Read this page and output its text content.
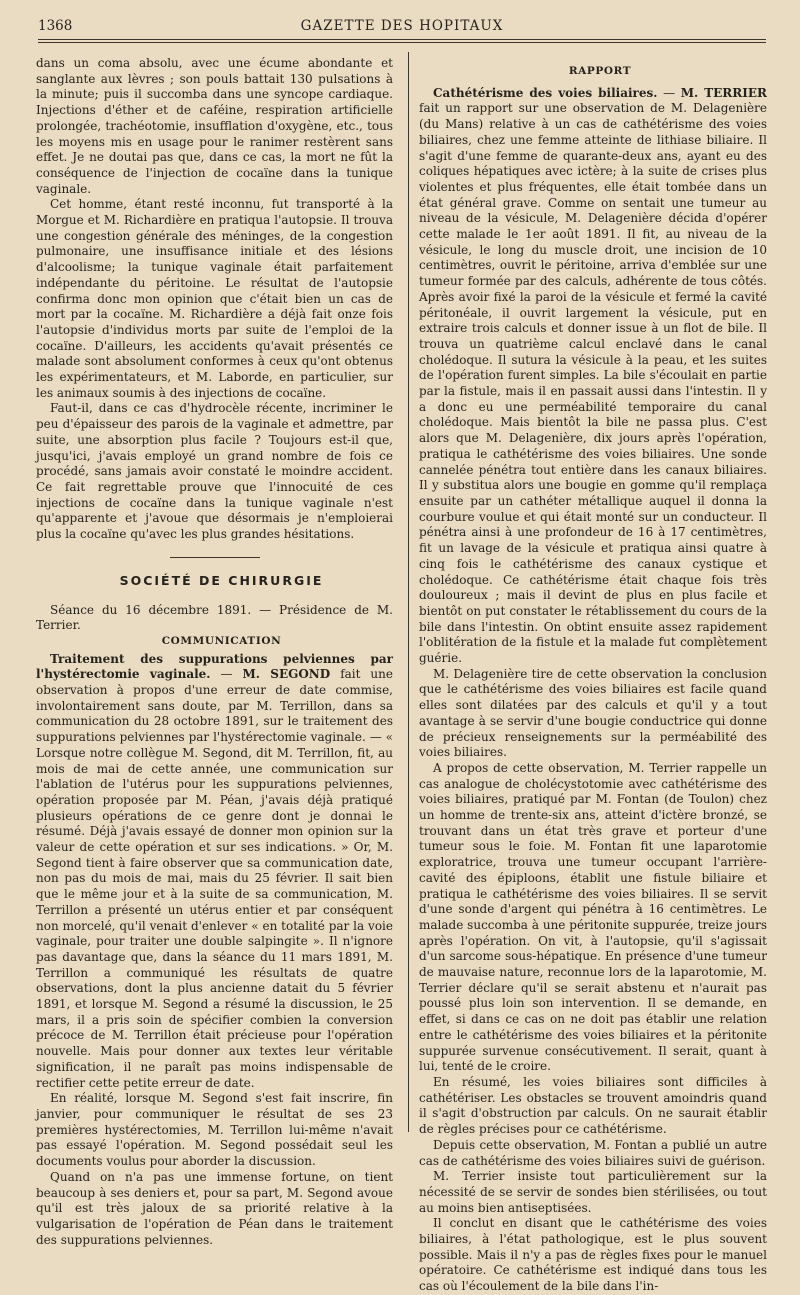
1368	GAZETTE DES HOPITAUX

dans un coma absolu, avec une écume abondante et sanglante aux lèvres ; son pouls battait 130 pulsations à la minute; puis il succomba dans une syncope cardiaque. Injections d'éther et de caféine, respiration artificielle prolongée, trachéotomie, insufflation d'oxygène, etc., tous les moyens mis en usage pour le ranimer restèrent sans effet. Je ne doutai pas que, dans ce cas, la mort ne fût la conséquence de l'injection de cocaïne dans la tunique vaginale.

Cet homme, étant resté inconnu, fut transporté à la Morgue et M. Richardière en pratiqua l'autopsie. Il trouva une congestion générale des méninges, de la congestion pulmonaire, une insuffisance initiale et des lésions d'alcoolisme; la tunique vaginale était parfaitement indépendante du péritoine. Le résultat de l'autopsie confirma donc mon opinion que c'était bien un cas de mort par la cocaïne. M. Richardière a déjà fait onze fois l'autopsie d'individus morts par suite de l'emploi de la cocaïne. D'ailleurs, les accidents qu'avait présentés ce malade sont absolument conformes à ceux qu'ont obtenus les expérimentateurs, et M. Laborde, en particulier, sur les animaux soumis à des injections de cocaïne.

Faut-il, dans ce cas d'hydrocèle récente, incriminer le peu d'épaisseur des parois de la vaginale et admettre, par suite, une absorption plus facile ? Toujours est-il que, jusqu'ici, j'avais employé un grand nombre de fois ce procédé, sans jamais avoir constaté le moindre accident. Ce fait regrettable prouve que l'innocuité de ces injections de cocaïne dans la tunique vaginale n'est qu'apparente et j'avoue que désormais je n'emploierai plus la cocaïne qu'avec les plus grandes hésitations.

SOCIÉTÉ DE CHIRURGIE

Séance du 16 décembre 1891. — Présidence de M. Terrier.

COMMUNICATION

Traitement des suppurations pelviennes par l'hystérectomie vaginale. — M. SEGOND fait une observation à propos d'une erreur de date commise, involontairement sans doute, par M. Terrillon, dans sa communication du 28 octobre 1891, sur le traitement des suppurations pelviennes par l'hystérectomie vaginale. — « Lorsque notre collègue M. Segond, dit M. Terrillon, fit, au mois de mai de cette année, une communication sur l'ablation de l'utérus pour les suppurations pelviennes, opération proposée par M. Péan, j'avais déjà pratiqué plusieurs opérations de ce genre dont je donnai le résumé. Déjà j'avais essayé de donner mon opinion sur la valeur de cette opération et sur ses indications. » Or, M. Segond tient à faire observer que sa communication date, non pas du mois de mai, mais du 25 février. Il sait bien que le même jour et à la suite de sa communication, M. Terrillon a présenté un utérus entier et par conséquent non morcelé, qu'il venait d'enlever « en totalité par la voie vaginale, pour traiter une double salpingite ». Il n'ignore pas davantage que, dans la séance du 11 mars 1891, M. Terrillon a communiqué les résultats de quatre observations, dont la plus ancienne datait du 5 février 1891, et lorsque M. Segond a résumé la discussion, le 25 mars, il a pris soin de spécifier combien la conversion précoce de M. Terrillon était précieuse pour l'opération nouvelle. Mais pour donner aux textes leur véritable signification, il ne paraît pas moins indispensable de rectifier cette petite erreur de date.

En réalité, lorsque M. Segond s'est fait inscrire, fin janvier, pour communiquer le résultat de ses 23 premières hystérectomies, M. Terrillon lui-même n'avait pas essayé l'opération. M. Segond possédait seul les documents voulus pour aborder la discussion.

Quand on n'a pas une immense fortune, on tient beaucoup à ses deniers et, pour sa part, M. Segond avoue qu'il est très jaloux de sa priorité relative à la vulgarisation de l'opération de Péan dans le traitement des suppurations pelviennes.

RAPPORT

Cathétérisme des voies biliaires. — M. TERRIER fait un rapport sur une observation de M. Delagenière (du Mans) relative à un cas de cathétérisme des voies biliaires, chez une femme atteinte de lithiase biliaire. Il s'agit d'une femme de quarante-deux ans, ayant eu des coliques hépatiques avec ictère; à la suite de crises plus violentes et plus fréquentes, elle était tombée dans un état général grave. Comme on sentait une tumeur au niveau de la vésicule, M. Delagenière décida d'opérer cette malade le 1er août 1891. Il fit, au niveau de la vésicule, le long du muscle droit, une incision de 10 centimètres, ouvrit le péritoine, arriva d'emblée sur une tumeur formée par des calculs, adhérente de tous côtés. Après avoir fixé la paroi de la vésicule et fermé la cavité péritonéale, il ouvrit largement la vésicule, put en extraire trois calculs et donner issue à un flot de bile. Il trouva un quatrième calcul enclavé dans le canal cholédoque. Il sutura la vésicule à la peau, et les suites de l'opération furent simples. La bile s'écoulait en partie par la fistule, mais il en passait aussi dans l'intestin. Il y a donc eu une perméabilité temporaire du canal cholédoque. Mais bientôt la bile ne passa plus. C'est alors que M. Delagenière, dix jours après l'opération, pratiqua le cathétérisme des voies biliaires. Une sonde cannelée pénétra tout entière dans les canaux biliaires. Il y substitua alors une bougie en gomme qu'il remplaça ensuite par un cathéter métallique auquel il donna la courbure voulue et qui était monté sur un conducteur. Il pénétra ainsi à une profondeur de 16 à 17 centimètres, fit un lavage de la vésicule et pratiqua ainsi quatre à cinq fois le cathétérisme des canaux cystique et cholédoque. Ce cathétérisme était chaque fois très douloureux ; mais il devint de plus en plus facile et bientôt on put constater le rétablissement du cours de la bile dans l'intestin. On obtint ensuite assez rapidement l'oblitération de la fistule et la malade fut complètement guérie.

M. Delagenière tire de cette observation la conclusion que le cathétérisme des voies biliaires est facile quand elles sont dilatées par des calculs et qu'il y a tout avantage à se servir d'une bougie conductrice qui donne de précieux renseignements sur la perméabilité des voies biliaires.

A propos de cette observation, M. Terrier rappelle un cas analogue de cholécystotomie avec cathétérisme des voies biliaires, pratiqué par M. Fontan (de Toulon) chez un homme de trente-six ans, atteint d'ictère bronzé, se trouvant dans un état très grave et porteur d'une tumeur sous le foie. M. Fontan fit une laparotomie exploratrice, trouva une tumeur occupant l'arrière-cavité des épiploons, établit une fistule biliaire et pratiqua le cathétérisme des voies biliaires. Il se servit d'une sonde d'argent qui pénétra à 16 centimètres. Le malade succomba à une péritonite suppurée, treize jours après l'opération. On vit, à l'autopsie, qu'il s'agissait d'un sarcome sous-hépatique. En présence d'une tumeur de mauvaise nature, reconnue lors de la laparotomie, M. Terrier déclare qu'il se serait abstenu et n'aurait pas poussé plus loin son intervention. Il se demande, en effet, si dans ce cas on ne doit pas établir une relation entre le cathétérisme des voies biliaires et la péritonite suppurée survenue consécutivement. Il serait, quant à lui, tenté de le croire.

En résumé, les voies biliaires sont difficiles à cathétériser. Les obstacles se trouvent amoindris quand il s'agit d'obstruction par calculs. On ne saurait établir de règles précises pour ce cathétérisme.

Depuis cette observation, M. Fontan a publié un autre cas de cathétérisme des voies biliaires suivi de guérison.

M. Terrier insiste tout particulièrement sur la nécessité de se servir de sondes bien stérilisées, ou tout au moins bien antiseptisées.

Il conclut en disant que le cathétérisme des voies biliaires, à l'état pathologique, est le plus souvent possible. Mais il n'y a pas de règles fixes pour le manuel opératoire. Ce cathétérisme est indiqué dans tous les cas où l'écoulement de la bile dans l'in-
